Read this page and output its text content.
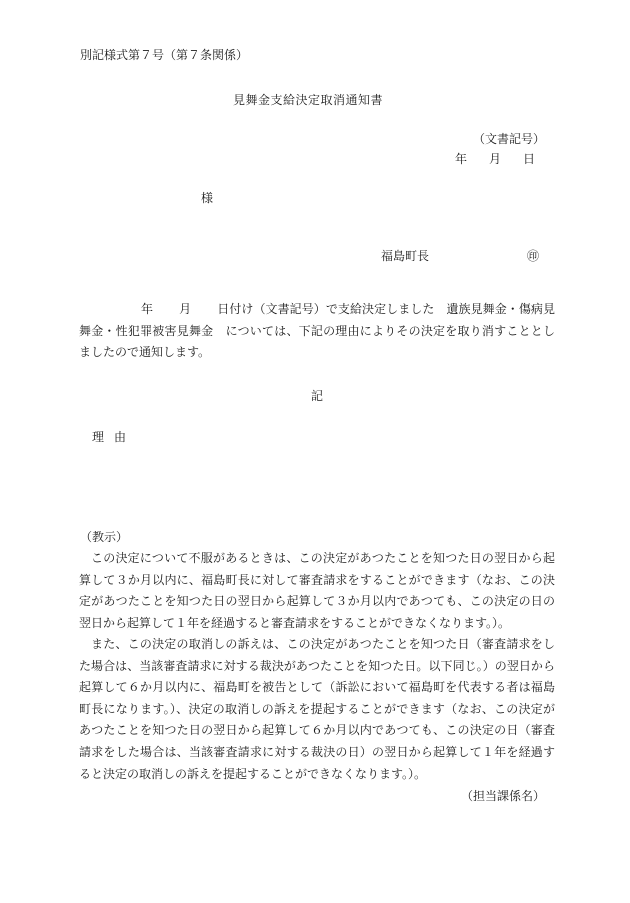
別記様式第７号（第７条関係）
見舞金支給決定取消通知書
（文書記号）
年 月 日
様
福島町長	㊞
年 月 日付け（文書記号）で支給決定しました　遺族見舞金・傷病見舞金・性犯罪被害見舞金　については、下記の理由によりその決定を取り消すこととしましたので通知します。
記
理 由
（教示）
この決定について不服があるときは、この決定があつたことを知つた日の翌日から起算して３か月以内に、福島町長に対して審査請求をすることができます（なお、この決定があつたことを知つた日の翌日から起算して３か月以内であつても、この決定の日の翌日から起算して１年を経過すると審査請求をすることができなくなります。）。
また、この決定の取消しの訴えは、この決定があつたことを知つた日（審査請求をした場合は、当該審査請求に対する裁決があつたことを知つた日。以下同じ。）の翌日から起算して６か月以内に、福島町を被告として（訴訟において福島町を代表する者は福島町長になります。）、決定の取消しの訴えを提起することができます（なお、この決定があつたことを知つた日の翌日から起算して６か月以内であつても、この決定の日（審査請求をした場合は、当該審査請求に対する裁決の日）の翌日から起算して１年を経過すると決定の取消しの訴えを提起することができなくなります。）。
（担当課係名）
